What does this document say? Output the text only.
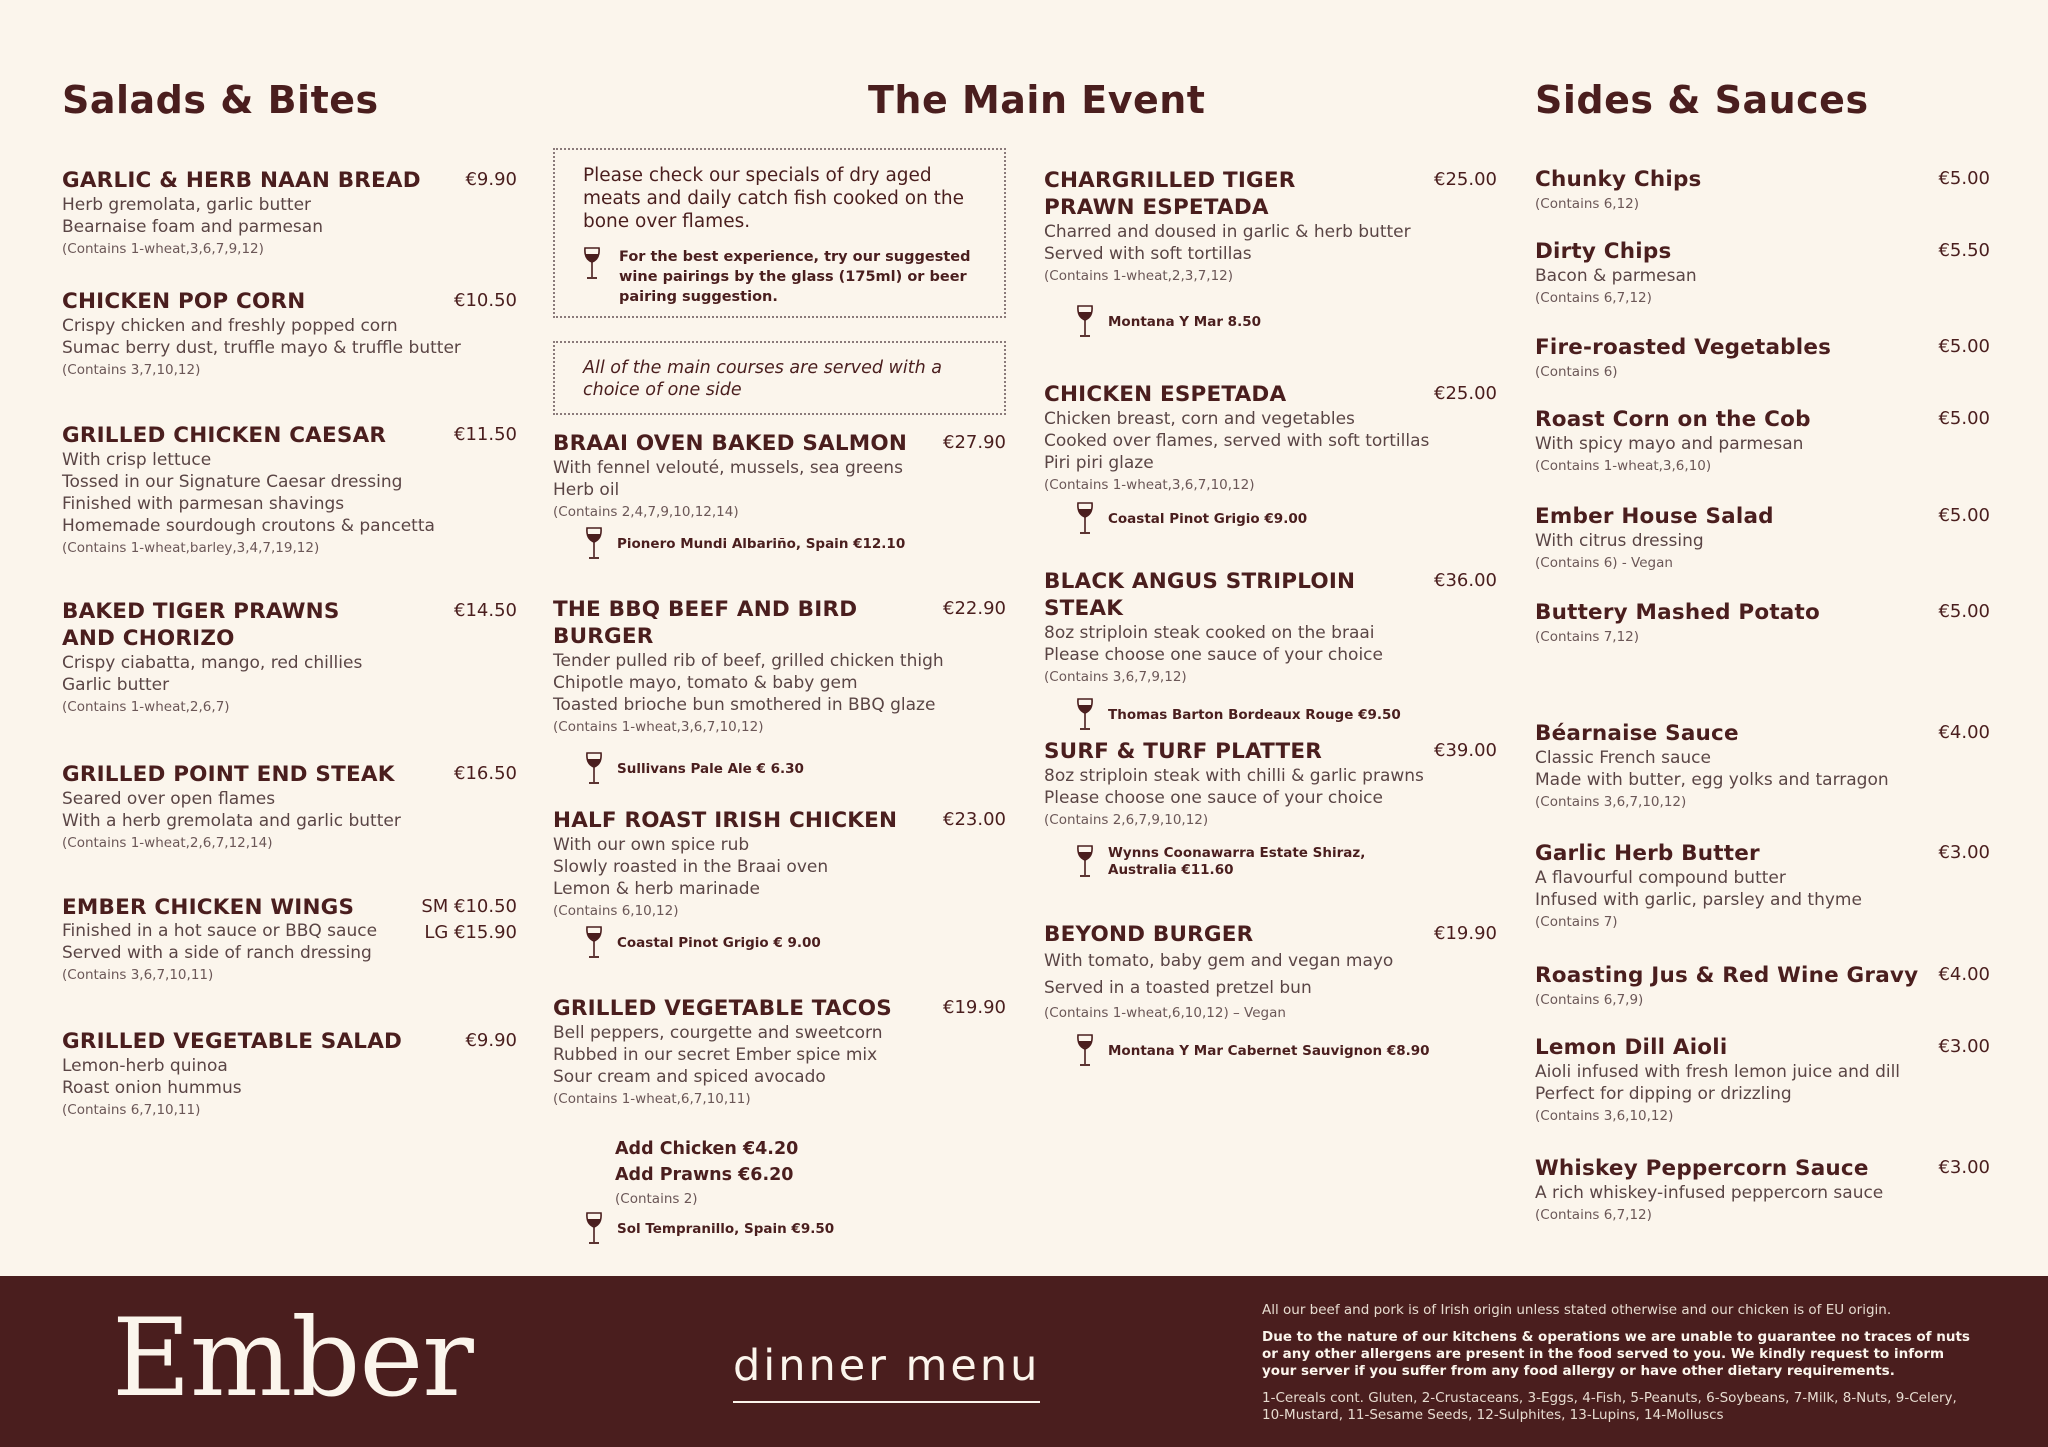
Salads & Bites
GARLIC & HERB NAAN BREAD €9.90
Herb gremolata, garlic butter
Bearnaise foam and parmesan
(Contains 1-wheat,3,6,7,9,12)
CHICKEN POP CORN	€10.50
Crispy chicken and freshly popped corn
Sumac berry dust, truffle mayo & truffle butter
(Contains 3,7,10,12)
GRILLED CHICKEN CAESAR	€11.50
With crisp lettuce
Tossed in our Signature Caesar dressing
Finished with parmesan shavings
Homemade sourdough croutons & pancetta
(Contains 1-wheat,barley,3,4,7,19,12)
BAKED TIGER PRAWNS AND CHORIZO
€14.50
Crispy ciabatta, mango, red chillies
Garlic butter
(Contains 1-wheat,2,6,7)
GRILLED POINT END STEAK	€16.50
Seared over open flames
With a herb gremolata and garlic butter
(Contains 1-wheat,2,6,7,12,14)
EMBER CHICKEN WINGS	SM €10.50
LG €15.90
Finished in a hot sauce or BBQ sauce
Served with a side of ranch dressing
(Contains 3,6,7,10,11)
GRILLED VEGETABLE SALAD	€9.90
Lemon-herb quinoa
Roast onion hummus
(Contains 6,7,10,11)
The Main Event
Please check our specials of dry aged meats and daily catch fish cooked on the bone over flames.
For the best experience, try our suggested wine pairings by the glass (175ml) or beer pairing suggestion.
All of the main courses are served with a choice of one side
BRAAI OVEN BAKED SALMON €27.90
With fennel velouté, mussels, sea greens
Herb oil
(Contains 2,4,7,9,10,12,14)
Pionero Mundi Albariño, Spain €12.10
THE BBQ BEEF AND BIRD BURGER
€22.90
Tender pulled rib of beef, grilled chicken thigh
Chipotle mayo, tomato & baby gem
Toasted brioche bun smothered in BBQ glaze
(Contains 1-wheat,3,6,7,10,12)
Sullivans Pale Ale € 6.30
HALF ROAST IRISH CHICKEN	€23.00
With our own spice rub
Slowly roasted in the Braai oven
Lemon & herb marinade
(Contains 6,10,12)
Coastal Pinot Grigio € 9.00
GRILLED VEGETABLE TACOS	€19.90
Bell peppers, courgette and sweetcorn
Rubbed in our secret Ember spice mix
Sour cream and spiced avocado
(Contains 1-wheat,6,7,10,11)
Add Chicken €4.20
Add Prawns €6.20
(Contains 2)
Sol Tempranillo, Spain €9.50
CHARGRILLED TIGER PRAWN ESPETADA
€25.00
Charred and doused in garlic & herb butter
Served with soft tortillas
(Contains 1-wheat,2,3,7,12)
Montana Y Mar 8.50
CHICKEN ESPETADA	€25.00
Chicken breast, corn and vegetables
Cooked over flames, served with soft tortillas
Piri piri glaze
(Contains 1-wheat,3,6,7,10,12)
Coastal Pinot Grigio €9.00
BLACK ANGUS STRIPLOIN STEAK
€36.00
8oz striploin steak cooked on the braai
Please choose one sauce of your choice
(Contains 3,6,7,9,12)
Thomas Barton Bordeaux Rouge €9.50
SURF & TURF PLATTER	€39.00
8oz striploin steak with chilli & garlic prawns
Please choose one sauce of your choice
(Contains 2,6,7,9,10,12)
Wynns Coonawarra Estate Shiraz, Australia €11.60
BEYOND BURGER	€19.90
With tomato, baby gem and vegan mayo
Served in a toasted pretzel bun
(Contains 1-wheat,6,10,12) – Vegan
Montana Y Mar Cabernet Sauvignon €8.90
Sides & Sauces
Chunky Chips	€5.00
(Contains 6,12)
Dirty Chips	€5.50
Bacon & parmesan
(Contains 6,7,12)
Fire-roasted Vegetables	€5.00
(Contains 6)
Roast Corn on the Cob	€5.00
With spicy mayo and parmesan
(Contains 1-wheat,3,6,10)
Ember House Salad	€5.00
With citrus dressing
(Contains 6) - Vegan
Buttery Mashed Potato	€5.00
(Contains 7,12)
Béarnaise Sauce	€4.00
Classic French sauce
Made with butter, egg yolks and tarragon
(Contains 3,6,7,10,12)
Garlic Herb Butter	€3.00
A flavourful compound butter
Infused with garlic, parsley and thyme
(Contains 7)
Roasting Jus & Red Wine Gravy €4.00
(Contains 6,7,9)
Lemon Dill Aioli	€3.00
Aioli infused with fresh lemon juice and dill
Perfect for dipping or drizzling
(Contains 3,6,10,12)
Whiskey Peppercorn Sauce	€3.00
A rich whiskey-infused peppercorn sauce
(Contains 6,7,12)
Ember	dinner menu
All our beef and pork is of Irish origin unless stated otherwise and our chicken is of EU origin.
Due to the nature of our kitchens & operations we are unable to guarantee no traces of nuts or any other allergens are present in the food served to you. We kindly request to inform your server if you suffer from any food allergy or have other dietary requirements.
1-Cereals cont. Gluten, 2-Crustaceans, 3-Eggs, 4-Fish, 5-Peanuts, 6-Soybeans, 7-Milk, 8-Nuts, 9-Celery, 10-Mustard, 11-Sesame Seeds, 12-Sulphites, 13-Lupins, 14-Molluscs
